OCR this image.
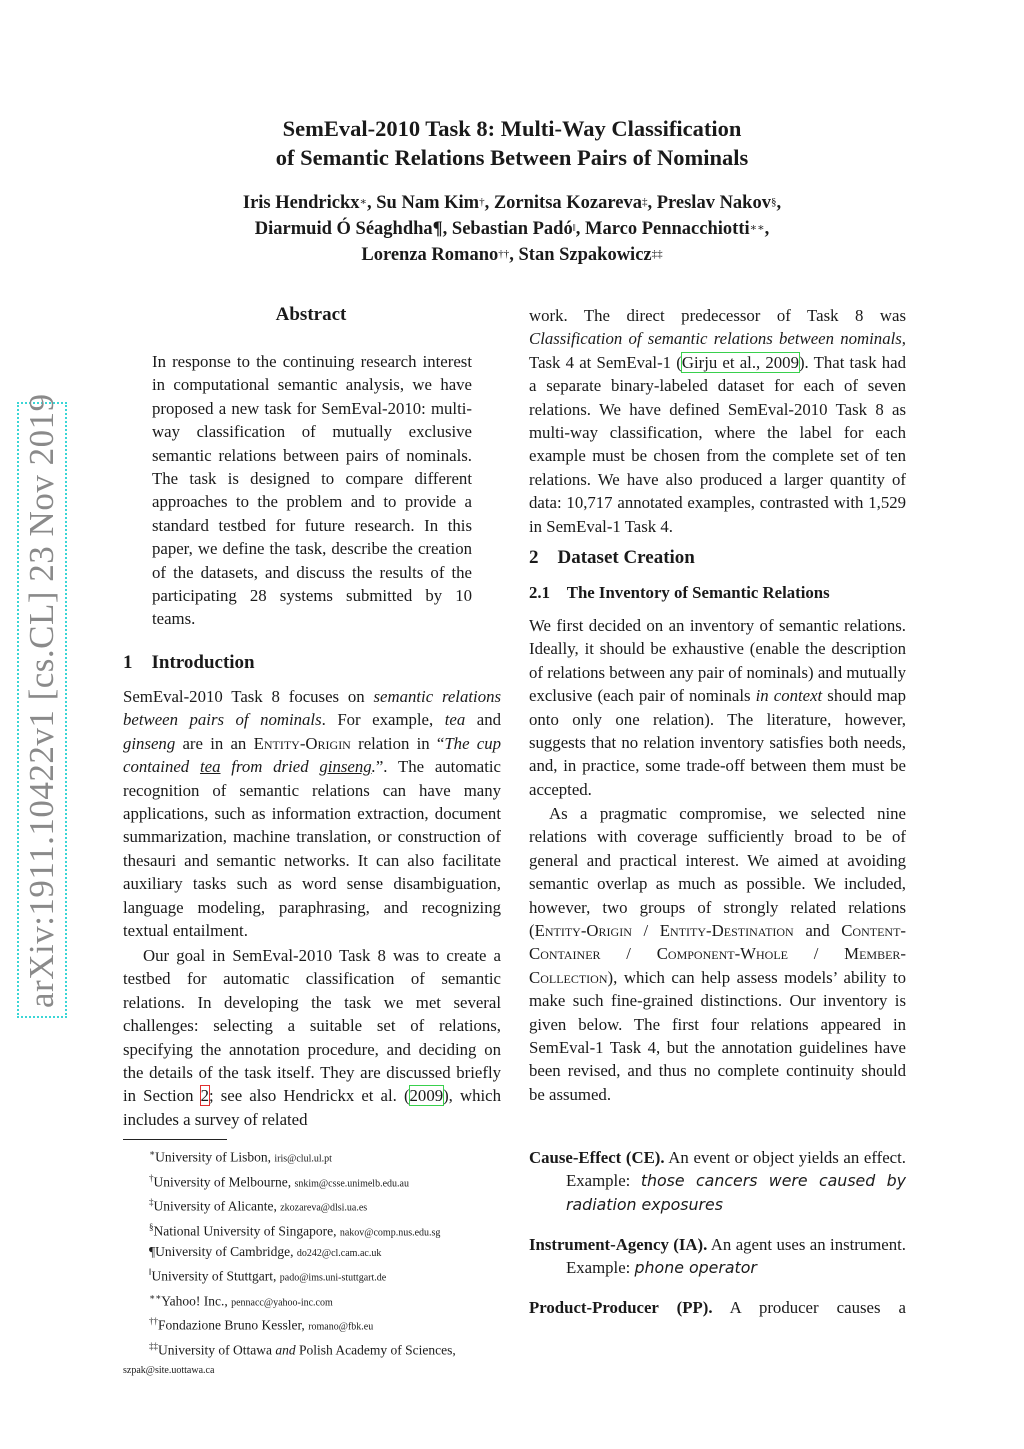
SemEval-2010 Task 8: Multi-Way Classification
of Semantic Relations Between Pairs of Nominals
Iris Hendrickx∗, Su Nam Kim†, Zornitsa Kozareva‡, Preslav Nakov§,
Diarmuid Ó Séaghdha¶, Sebastian Padó‖, Marco Pennacchiotti∗∗,
Lorenza Romano††, Stan Szpakowicz‡‡
arXiv:1911.10422v1 [cs.CL] 23 Nov 2019
Abstract
In response to the continuing research interest in computational semantic analysis, we have proposed a new task for SemEval-2010: multi-way classification of mutually exclusive semantic relations between pairs of nominals. The task is designed to compare different approaches to the problem and to provide a standard testbed for future research. In this paper, we define the task, describe the creation of the datasets, and discuss the results of the participating 28 systems submitted by 10 teams.
1 Introduction
SemEval-2010 Task 8 focuses on semantic relations between pairs of nominals. For example, tea and ginseng are in an Entity-Origin relation in “The cup contained tea from dried ginseng.”. The automatic recognition of semantic relations can have many applications, such as information extraction, document summarization, machine translation, or construction of thesauri and semantic networks. It can also facilitate auxiliary tasks such as word sense disambiguation, language modeling, paraphrasing, and recognizing textual entailment.
Our goal in SemEval-2010 Task 8 was to create a testbed for automatic classification of semantic relations. In developing the task we met several challenges: selecting a suitable set of relations, specifying the annotation procedure, and deciding on the details of the task itself. They are discussed briefly in Section 2; see also Hendrickx et al. (2009), which includes a survey of related
∗University of Lisbon, iris@clul.ul.pt
†University of Melbourne, snkim@csse.unimelb.edu.au
‡University of Alicante, zkozareva@dlsi.ua.es
§National University of Singapore, nakov@comp.nus.edu.sg
¶University of Cambridge, do242@cl.cam.ac.uk
‖University of Stuttgart, pado@ims.uni-stuttgart.de
∗∗Yahoo! Inc., pennacc@yahoo-inc.com
††Fondazione Bruno Kessler, romano@fbk.eu
‡‡University of Ottawa and Polish Academy of Sciences,
szpak@site.uottawa.ca
work. The direct predecessor of Task 8 was Classification of semantic relations between nominals, Task 4 at SemEval-1 (Girju et al., 2009). That task had a separate binary-labeled dataset for each of seven relations. We have defined SemEval-2010 Task 8 as multi-way classification, where the label for each example must be chosen from the complete set of ten relations. We have also produced a larger quantity of data: 10,717 annotated examples, contrasted with 1,529 in SemEval-1 Task 4.
2 Dataset Creation
2.1 The Inventory of Semantic Relations
We first decided on an inventory of semantic relations. Ideally, it should be exhaustive (enable the description of relations between any pair of nominals) and mutually exclusive (each pair of nominals in context should map onto only one relation). The literature, however, suggests that no relation inventory satisfies both needs, and, in practice, some trade-off between them must be accepted.
As a pragmatic compromise, we selected nine relations with coverage sufficiently broad to be of general and practical interest. We aimed at avoiding semantic overlap as much as possible. We included, however, two groups of strongly related relations (Entity-Origin / Entity-Destination and Content-Container / Component-Whole / Member-Collection), which can help assess models’ ability to make such fine-grained distinctions. Our inventory is given below. The first four relations appeared in SemEval-1 Task 4, but the annotation guidelines have been revised, and thus no complete continuity should be assumed.
Cause-Effect (CE). An event or object yields an effect. Example: those cancers were caused by radiation exposures
Instrument-Agency (IA). An agent uses an instrument. Example: phone operator
Product-Producer (PP). A producer causes a
